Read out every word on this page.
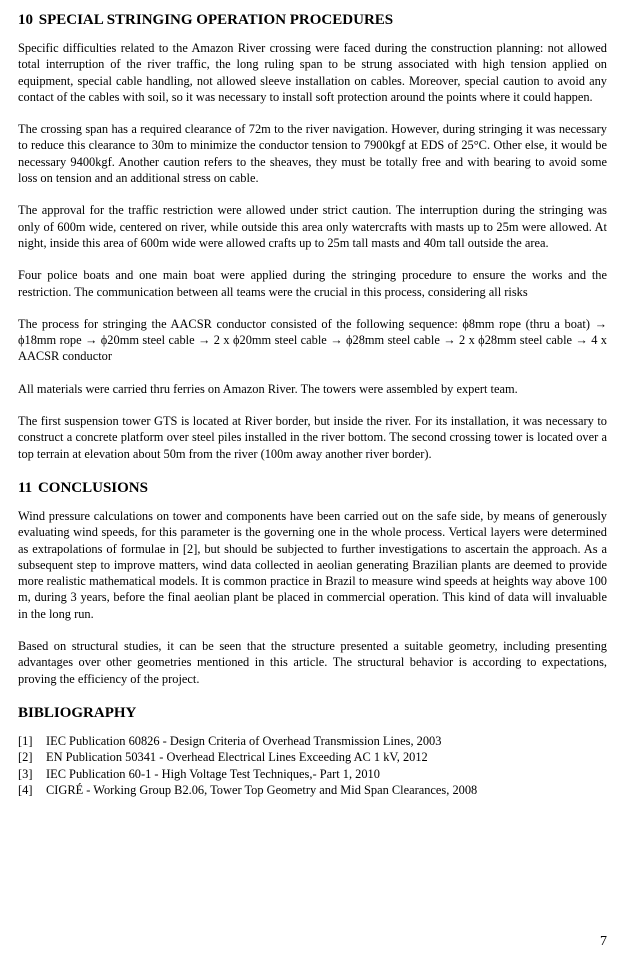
10 SPECIAL STRINGING OPERATION PROCEDURES

Specific difficulties related to the Amazon River crossing were faced during the construction planning: not allowed total interruption of the river traffic, the long ruling span to be strung associated with high tension applied on equipment, special cable handling, not allowed sleeve installation on cables. Moreover, special caution to avoid any contact of the cables with soil, so it was necessary to install soft protection around the points where it could happen.

The crossing span has a required clearance of 72m to the river navigation. However, during stringing it was necessary to reduce this clearance to 30m to minimize the conductor tension to 7900kgf at EDS of 25°C. Other else, it would be necessary 9400kgf. Another caution refers to the sheaves, they must be totally free and with bearing to avoid some loss on tension and an additional stress on cable.

The approval for the traffic restriction were allowed under strict caution. The interruption during the stringing was only of 600m wide, centered on river, while outside this area only watercrafts with masts up to 25m were allowed. At night, inside this area of 600m wide were allowed crafts up to 25m tall masts and 40m tall outside the area.

Four police boats and one main boat were applied during the stringing procedure to ensure the works and the restriction. The communication between all teams were the crucial in this process, considering all risks

The process for stringing the AACSR conductor consisted of the following sequence: ϕ8mm rope (thru a boat) → ϕ18mm rope → ϕ20mm steel cable → 2 x ϕ20mm steel cable → ϕ28mm steel cable → 2 x ϕ28mm steel cable → 4 x AACSR conductor

All materials were carried thru ferries on Amazon River. The towers were assembled by expert team.

The first suspension tower GTS is located at River border, but inside the river. For its installation, it was necessary to construct a concrete platform over steel piles installed in the river bottom. The second crossing tower is located over a top terrain at elevation about 50m from the river (100m away another river border).

11 CONCLUSIONS

Wind pressure calculations on tower and components have been carried out on the safe side, by means of generously evaluating wind speeds, for this parameter is the governing one in the whole process. Vertical layers were determined as extrapolations of formulae in [2], but should be subjected to further investigations to ascertain the approach. As a subsequent step to improve matters, wind data collected in aeolian generating Brazilian plants are deemed to provide more realistic mathematical models. It is common practice in Brazil to measure wind speeds at heights way above 100 m, during 3 years, before the final aeolian plant be placed in commercial operation. This kind of data will invaluable in the long run.

Based on structural studies, it can be seen that the structure presented a suitable geometry, including presenting advantages over other geometries mentioned in this article. The structural behavior is according to expectations, proving the efficiency of the project.

BIBLIOGRAPHY
[1]	IEC Publication 60826 - Design Criteria of Overhead Transmission Lines, 2003
[2]	EN Publication 50341 - Overhead Electrical Lines Exceeding AC 1 kV, 2012
[3]	IEC Publication 60-1 - High Voltage Test Techniques,- Part 1, 2010
[4]	CIGRÉ - Working Group B2.06, Tower Top Geometry and Mid Span Clearances, 2008
7
